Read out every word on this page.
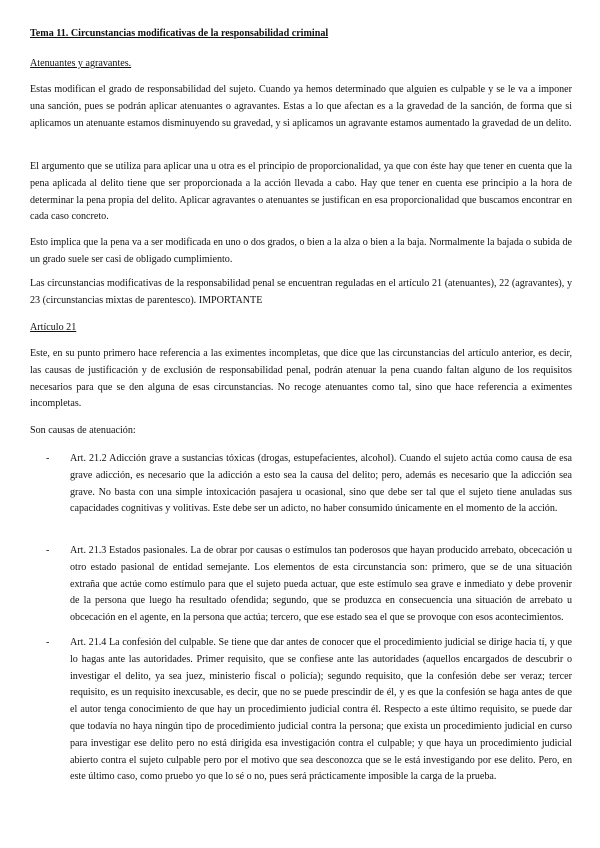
Tema 11. Circunstancias modificativas de la responsabilidad criminal

Atenuantes y agravantes.

Estas modifican el grado de responsabilidad del sujeto. Cuando ya hemos determinado que alguien es culpable y se le va a imponer una sanción, pues se podrán aplicar atenuantes o agravantes. Estas a lo que afectan es a la gravedad de la sanción, de forma que si aplicamos un atenuante estamos disminuyendo su gravedad, y si aplicamos un agravante estamos aumentado la gravedad de un delito.

El argumento que se utiliza para aplicar una u otra es el principio de proporcionalidad, ya que con éste hay que tener en cuenta que la pena aplicada al delito tiene que ser proporcionada a la acción llevada a cabo. Hay que tener en cuenta ese principio a la hora de determinar la pena propia del delito. Aplicar agravantes o atenuantes se justifican en esa proporcionalidad que buscamos encontrar en cada caso concreto.

Esto implica que la pena va a ser modificada en uno o dos grados, o bien a la alza o bien a la baja. Normalmente la bajada o subida de un grado suele ser casi de obligado cumplimiento.

Las circunstancias modificativas de la responsabilidad penal se encuentran reguladas en el artículo 21 (atenuantes), 22 (agravantes), y 23 (circunstancias mixtas de parentesco). IMPORTANTE

Artículo 21

Este, en su punto primero hace referencia a las eximentes incompletas, que dice que las circunstancias del artículo anterior, es decir, las causas de justificación y de exclusión de responsabilidad penal, podrán atenuar la pena cuando faltan alguno de los requisitos necesarios para que se den alguna de esas circunstancias. No recoge atenuantes como tal, sino que hace referencia a eximentes incompletas.

Son causas de atenuación:

- Art. 21.2 Adicción grave a sustancias tóxicas (drogas, estupefacientes, alcohol). Cuando el sujeto actúa como causa de esa grave adicción, es necesario que la adicción a esto sea la causa del delito; pero, además es necesario que la adicción sea grave. No basta con una simple intoxicación pasajera u ocasional, sino que debe ser tal que el sujeto tiene anuladas sus capacidades cognitivas y volitivas. Este debe ser un adicto, no haber consumido únicamente en el momento de la acción.

- Art. 21.3 Estados pasionales. La de obrar por causas o estímulos tan poderosos que hayan producido arrebato, obcecación u otro estado pasional de entidad semejante. Los elementos de esta circunstancia son: primero, que se de una situación extraña que actúe como estímulo para que el sujeto pueda actuar, que este estímulo sea grave e inmediato y debe provenir de la persona que luego ha resultado ofendida; segundo, que se produzca en consecuencia una situación de arrebato u obcecación en el agente, en la persona que actúa; tercero, que ese estado sea el que se provoque con esos acontecimientos.

- Art. 21.4 La confesión del culpable. Se tiene que dar antes de conocer que el procedimiento judicial se dirige hacia tí, y que lo hagas ante las autoridades. Primer requisito, que se confiese ante las autoridades (aquellos encargados de descubrir o investigar el delito, ya sea juez, ministerio fiscal o policía); segundo requisito, que la confesión debe ser veraz; tercer requisito, es un requisito inexcusable, es decir, que no se puede prescindir de él, y es que la confesión se haga antes de que el autor tenga conocimiento de que hay un procedimiento judicial contra él. Respecto a este último requisito, se puede dar que todavía no haya ningún tipo de procedimiento judicial contra la persona; que exista un procedimiento judicial en curso para investigar ese delito pero no está dirigida esa investigación contra el culpable; y que haya un procedimiento judicial abierto contra el sujeto culpable pero por el motivo que sea desconozca que se le está investigando por ese delito. Pero, en este último caso, como pruebo yo que lo sé o no, pues será prácticamente imposible la carga de la prueba.
